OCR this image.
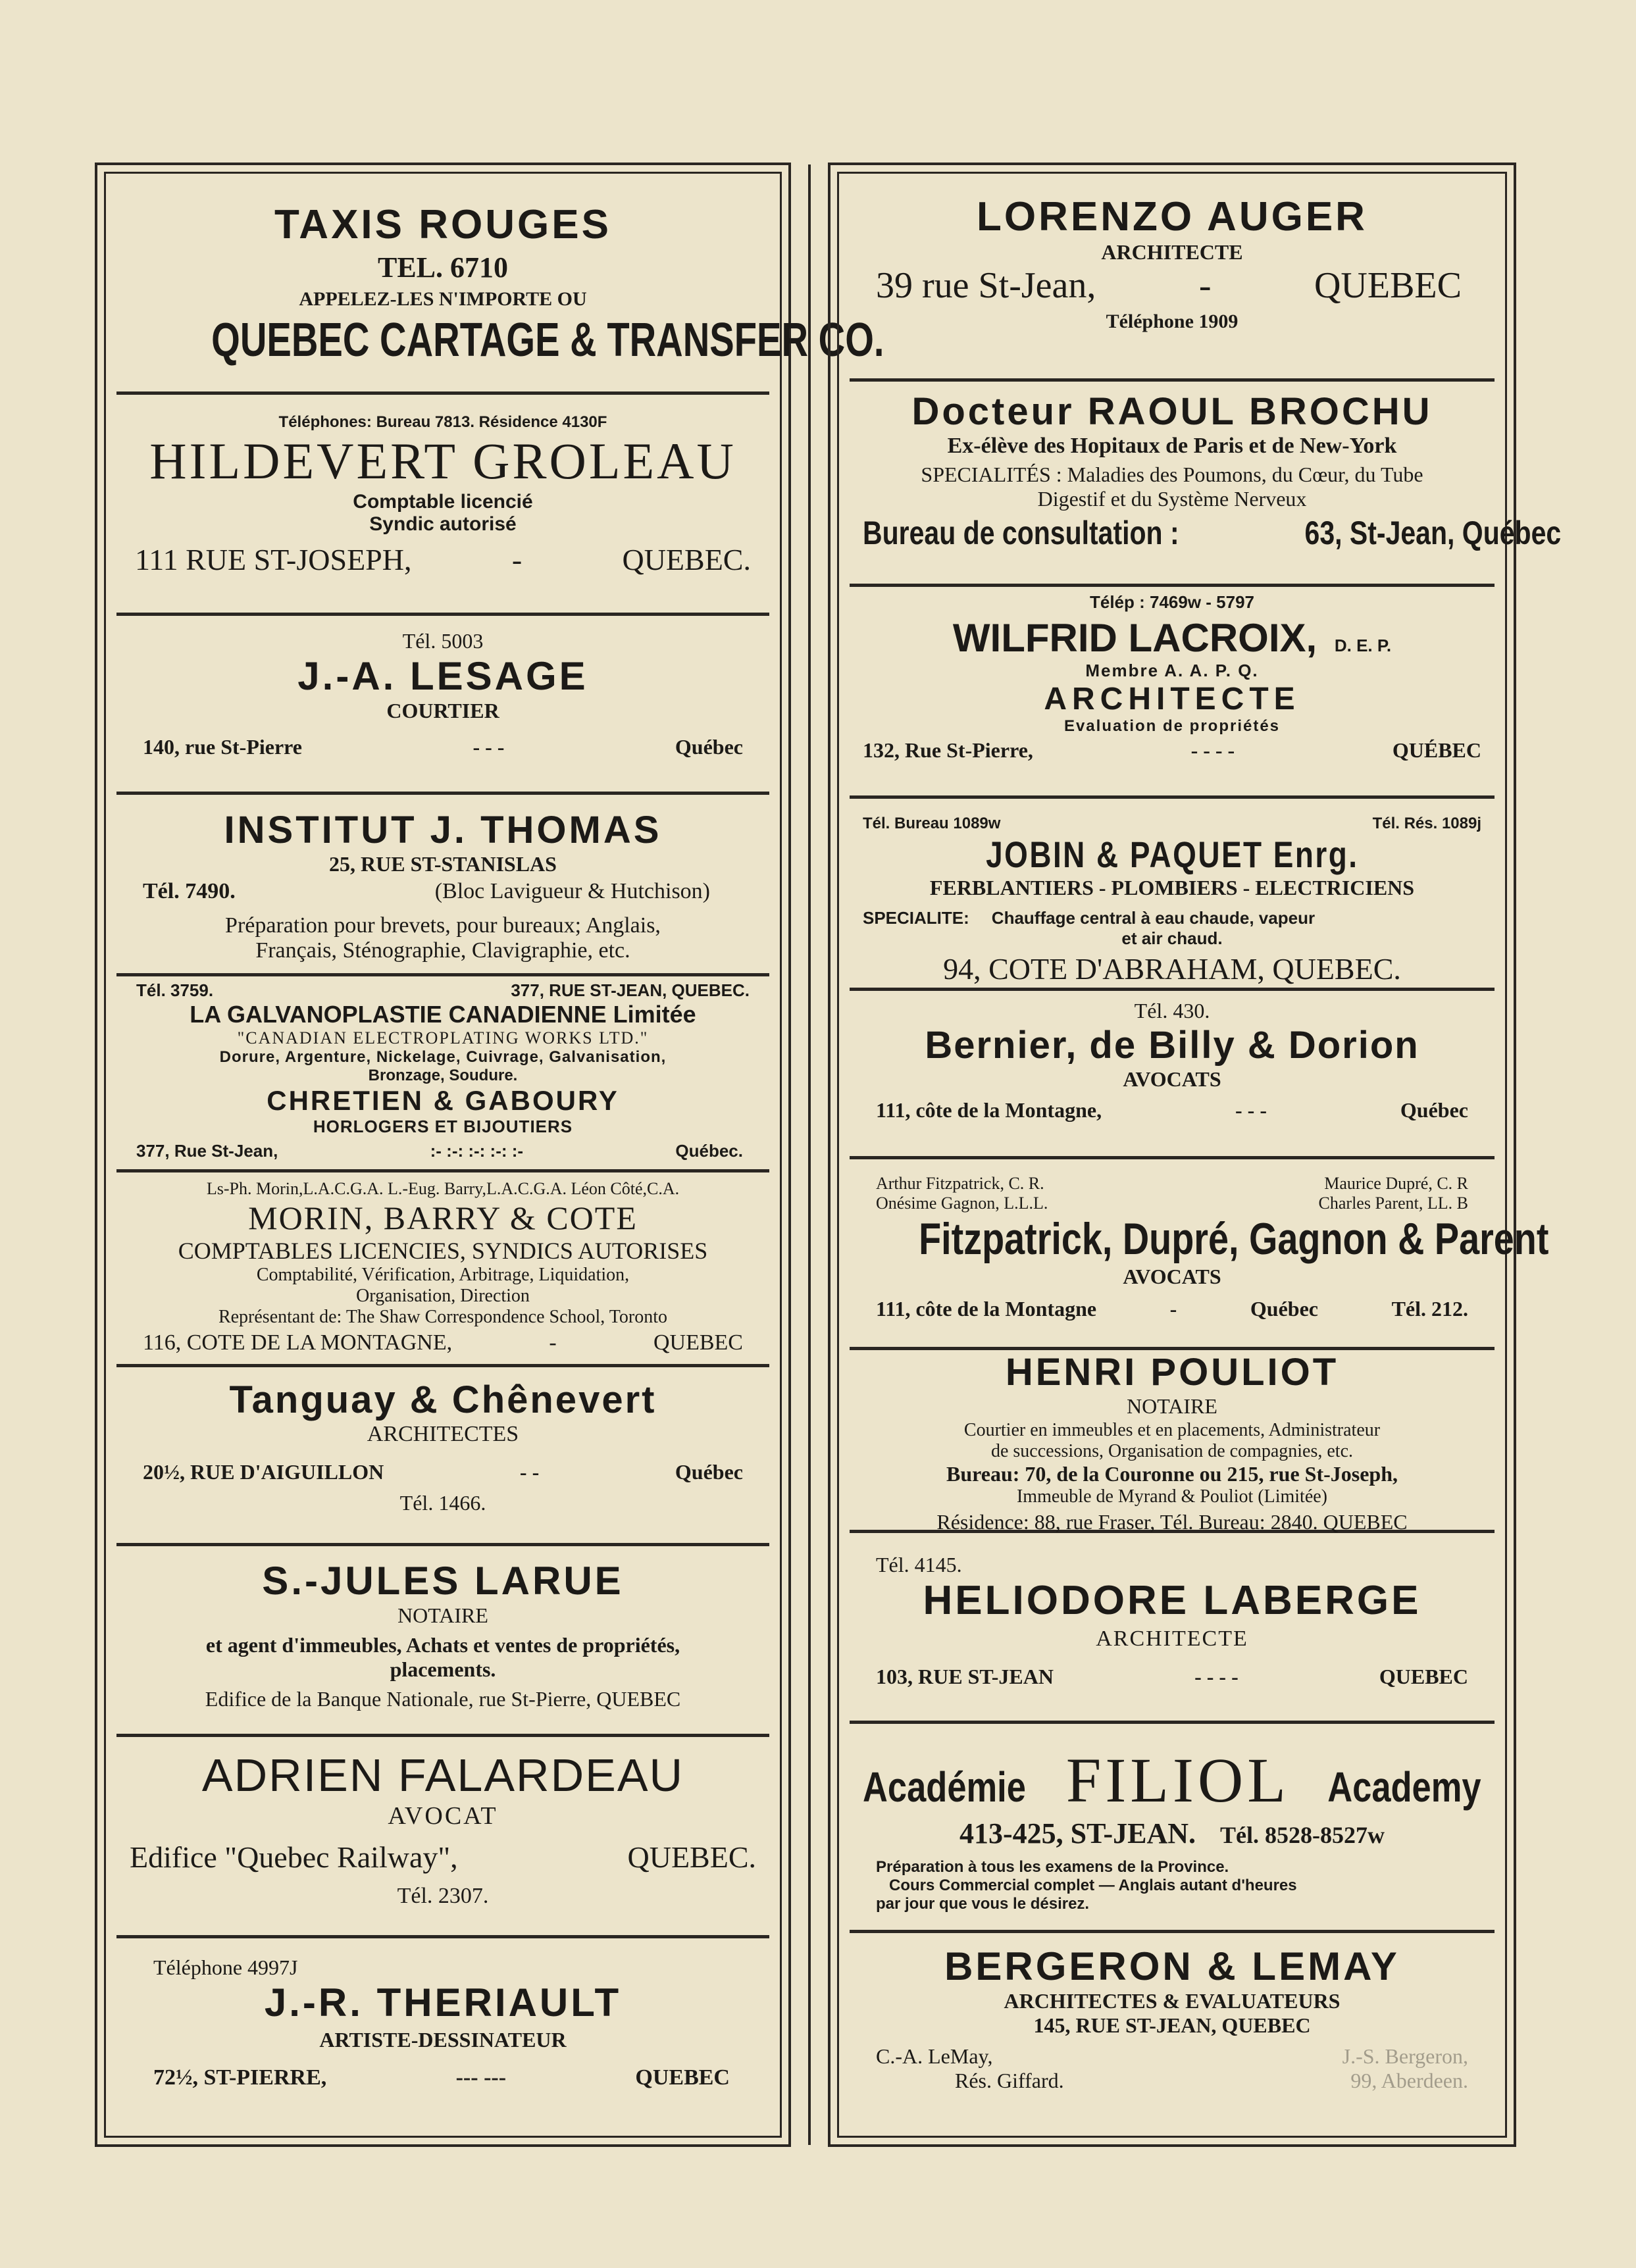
TAXIS ROUGES

TEL. 6710

APPELEZ-LES N'IMPORTE OU

QUEBEC CARTAGE & TRANSFER CO.

Téléphones: Bureau 7813. Résidence 4130F

HILDEVERT GROLEAU

Comptable licencié

Syndic autorisé

111 RUE ST-JOSEPH,	-	QUEBEC.

Tél. 5003

J.-A. LESAGE

COURTIER

140, rue St-Pierre	- - -	Québec

INSTITUT J. THOMAS

25, RUE ST-STANISLAS

Tél. 7490.	(Bloc Lavigueur & Hutchison)

Préparation pour brevets, pour bureaux; Anglais,

Français, Sténographie, Clavigraphie, etc.

Tél. 3759.	377, RUE ST-JEAN, QUEBEC.

LA GALVANOPLASTIE CANADIENNE Limitée

"CANADIAN ELECTROPLATING WORKS LTD."

Dorure, Argenture, Nickelage, Cuivrage, Galvanisation,

Bronzage, Soudure.

CHRETIEN & GABOURY

HORLOGERS ET BIJOUTIERS

377, Rue St-Jean,	:- :-: :-: :-: :-	Québec.

Ls-Ph. Morin,L.A.C.G.A. L.-Eug. Barry,L.A.C.G.A. Léon Côté,C.A.

MORIN, BARRY & COTE

COMPTABLES LICENCIES, SYNDICS AUTORISES

Comptabilité, Vérification, Arbitrage, Liquidation,

Organisation, Direction

Représentant de: The Shaw Correspondence School, Toronto

116, COTE DE LA MONTAGNE,	-	QUEBEC

Tanguay & Chênevert

ARCHITECTES

20½, RUE D'AIGUILLON	- -	Québec

Tél. 1466.

S.-JULES LARUE

NOTAIRE

et agent d'immeubles, Achats et ventes de propriétés,

placements.

Edifice de la Banque Nationale, rue St-Pierre, QUEBEC

ADRIEN FALARDEAU

AVOCAT

Edifice "Quebec Railway",	QUEBEC.

Tél. 2307.

Téléphone 4997J

J.-R. THERIAULT

ARTISTE-DESSINATEUR

72½, ST-PIERRE,	--- ---	QUEBEC

LORENZO AUGER

ARCHITECTE

39 rue St-Jean,	-	QUEBEC

Téléphone 1909

Docteur RAOUL BROCHU

Ex-élève des Hopitaux de Paris et de New-York

SPECIALITÉS : Maladies des Poumons, du Cœur, du Tube

Digestif et du Système Nerveux

Bureau de consultation :	63, St-Jean, Québec

Télép : 7469w - 5797

WILFRID LACROIX, D. E. P.

Membre A. A. P. Q.

ARCHITECTE

Evaluation de propriétés

132, Rue St-Pierre,	- - - -	QUÉBEC
Tél. Bureau 1089w	Tél. Rés. 1089j
JOBIN & PAQUET Enrg.

FERBLANTIERS - PLOMBIERS - ELECTRICIENS

SPECIALITE: Chauffage central à eau chaude, vapeur

et air chaud.

94, COTE D'ABRAHAM, QUEBEC.

Tél. 430.

Bernier, de Billy & Dorion

AVOCATS

111, côte de la Montagne,	- - -	Québec
Arthur Fitzpatrick, C. R.	Maurice Dupré, C. R
Onésime Gagnon, L.L.L.	Charles Parent, LL. B
Fitzpatrick, Dupré, Gagnon & Parent

AVOCATS

111, côte de la Montagne	-	Québec	Tél. 212.

HENRI POULIOT

NOTAIRE

Courtier en immeubles et en placements, Administrateur

de successions, Organisation de compagnies, etc.

Bureau: 70, de la Couronne ou 215, rue St-Joseph,

Immeuble de Myrand & Pouliot (Limitée)

Résidence: 88, rue Fraser, Tél. Bureau: 2840. QUEBEC

Tél. 4145.

HELIODORE LABERGE

ARCHITECTE

103, RUE ST-JEAN	- - - -	QUEBEC
Académie FILIOL Academy
413-425, ST-JEAN. Tél. 8528-8527w

Préparation à tous les examens de la Province.

Cours Commercial complet — Anglais autant d'heures

par jour que vous le désirez.

BERGERON & LEMAY

ARCHITECTES & EVALUATEURS

145, RUE ST-JEAN, QUEBEC

C.-A. LeMay,	J.-S. Bergeron,
Rés. Giffard.	99, Aberdeen.
